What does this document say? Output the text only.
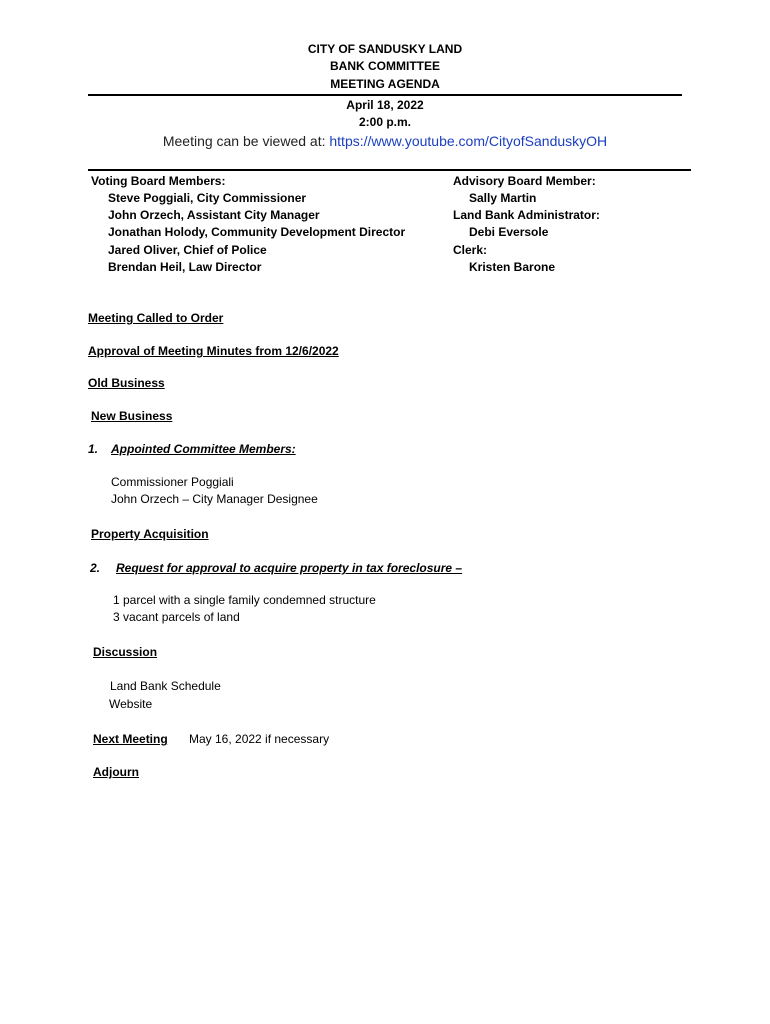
CITY OF SANDUSKY LAND
BANK COMMITTEE
MEETING AGENDA
April 18, 2022
2:00 p.m.
Meeting can be viewed at: https://www.youtube.com/CityofSanduskyOH
Voting Board Members:
Steve Poggiali, City Commissioner
John Orzech, Assistant City Manager
Jonathan Holody, Community Development Director
Jared Oliver, Chief of Police
Brendan Heil, Law Director
Advisory Board Member:
Sally Martin
Land Bank Administrator:
Debi Eversole
Clerk:
Kristen Barone
Meeting Called to Order
Approval of Meeting Minutes from 12/6/2022
Old Business
New Business
1. Appointed Committee Members:
Commissioner Poggiali
John Orzech – City Manager Designee
Property Acquisition
2. Request for approval to acquire property in tax foreclosure –
1 parcel with a single family condemned structure
3 vacant parcels of land
Discussion
Land Bank Schedule
Website
Next Meeting May 16, 2022 if necessary
Adjourn
